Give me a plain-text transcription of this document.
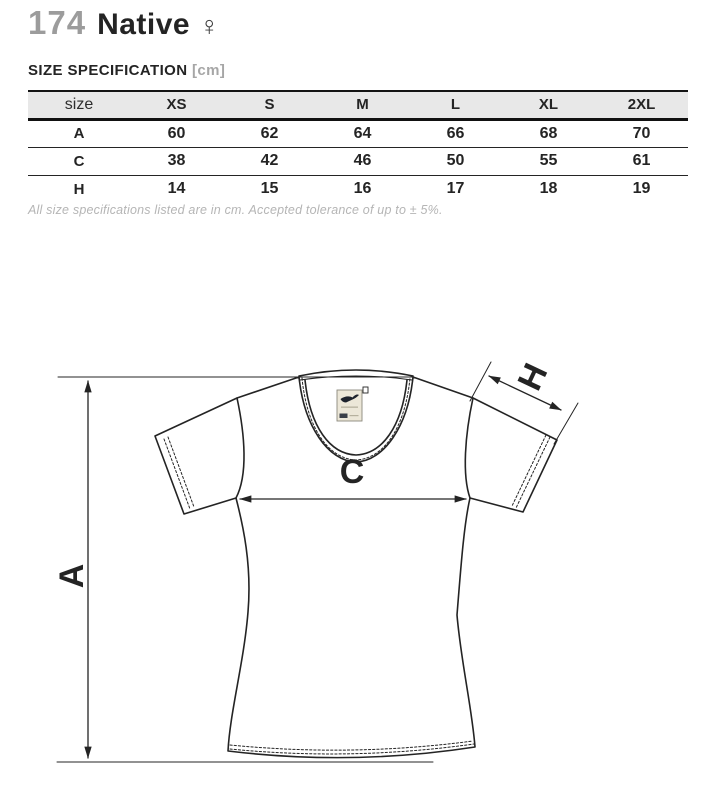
174 Native ♀
SIZE SPECIFICATION [cm]
size	XS	S	M	L	XL	2XL
A	60	62	64	66	68	70
C	38	42	46	50	55	61
H	14	15	16	17	18	19
All size specifications listed are in cm. Accepted tolerance of up to ± 5%.
A
C
H
